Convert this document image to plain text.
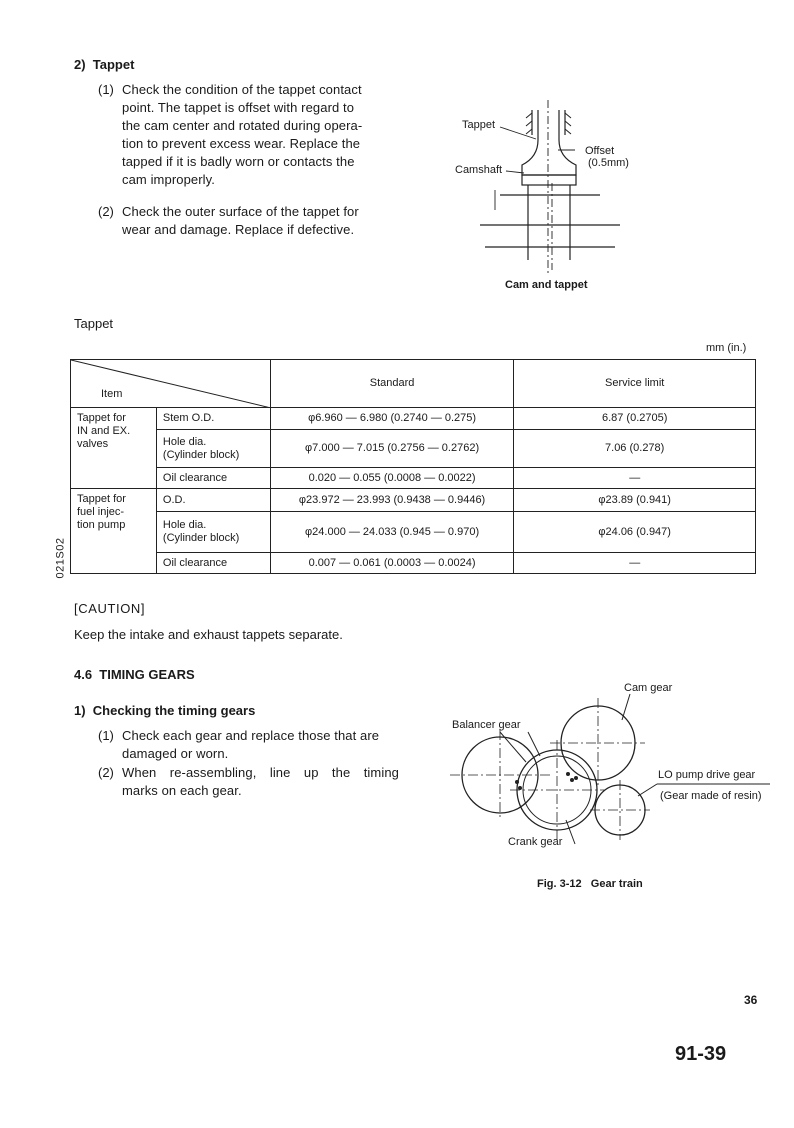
2)  Tappet
(1) Check the condition of the tappet contact
point. The tappet is offset with regard to
the cam center and rotated during opera-
tion to prevent excess wear. Replace the
tapped if it is badly worn or contacts the
cam improperly.
(2) Check the outer surface of the tappet for
wear and damage. Replace if defective.
Tappet
Camshaft
Offset
(0.5mm)
Cam and tappet
Tappet
mm (in.)
Item		Standard	Service limit

Tappet for
IN and EX.
valves	Stem O.D.	φ6.960 — 6.980 (0.2740 — 0.275)	6.87 (0.2705)

	Hole dia.
(Cylinder block)	φ7.000 — 7.015 (0.2756 — 0.2762)	7.06 (0.278)
	Oil clearance	0.020 — 0.055 (0.0008 — 0.0022)	—

Tappet for
fuel injec-
tion pump	O.D.	φ23.972 — 23.993 (0.9438 — 0.9446)	φ23.89 (0.941)

	Hole dia.
(Cylinder block)	φ24.000 — 24.033 (0.945 — 0.970)	φ24.06 (0.947)
	Oil clearance	0.007 — 0.061 (0.0003 — 0.0024)	—
021S02
[CAUTION]
Keep the intake and exhaust tappets separate.
4.6  TIMING GEARS
1)  Checking the timing gears
(1) Check each gear and replace those that are
damaged or worn.
(2) When re-assembling, line up the timing
marks on each gear.
Cam gear
Balancer gear
LO pump drive gear
(Gear made of resin)
Crank gear
Fig. 3-12   Gear train
36
91-39
